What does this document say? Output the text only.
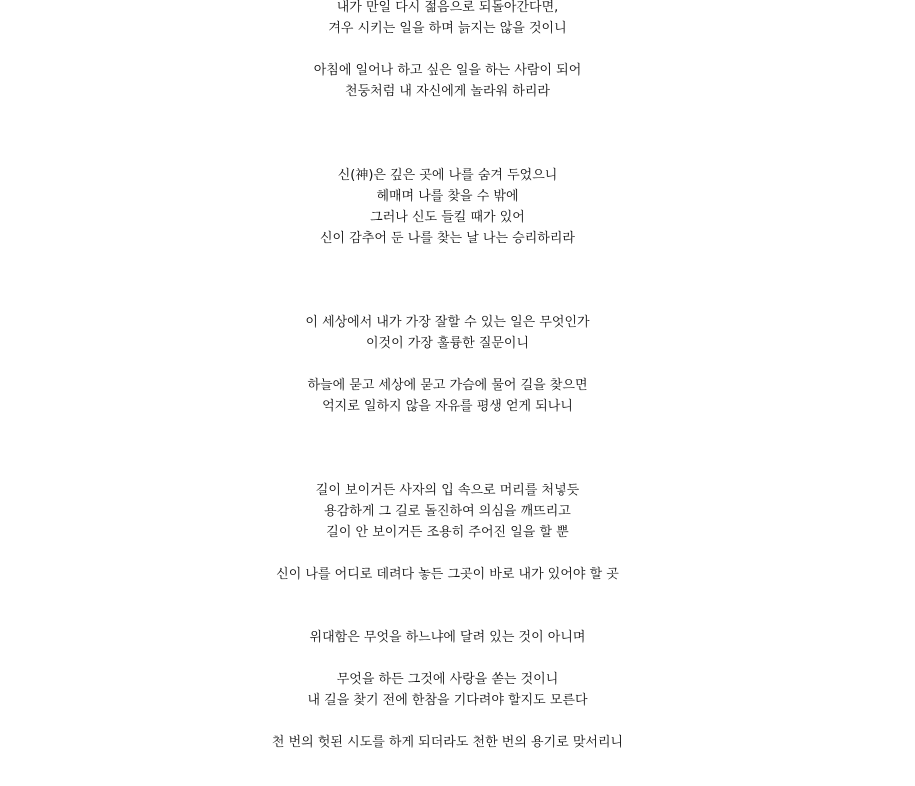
내가 만일 다시 젊음으로 되돌아간다면,
겨우 시키는 일을 하며 늙지는 않을 것이니
아침에 일어나 하고 싶은 일을 하는 사람이 되어
천둥처럼 내 자신에게 놀라워 하리라
신(神)은 깊은 곳에 나를 숨겨 두었으니
헤매며 나를 찾을 수 밖에
그러나 신도 들킬 때가 있어
신이 감추어 둔 나를 찾는 날 나는 승리하리라
이 세상에서 내가 가장 잘할 수 있는 일은 무엇인가
이것이 가장 훌륭한 질문이니
하늘에 묻고 세상에 묻고 가슴에 물어 길을 찾으면
억지로 일하지 않을 자유를 평생 얻게 되나니
길이 보이거든 사자의 입 속으로 머리를 처넣듯
용감하게 그 길로 돌진하여 의심을 깨뜨리고
길이 안 보이거든 조용히 주어진 일을 할 뿐
신이 나를 어디로 데려다 놓든 그곳이 바로 내가 있어야 할 곳
위대함은 무엇을 하느냐에 달려 있는 것이 아니며
무엇을 하든 그것에 사랑을 쏟는 것이니
내 길을 찾기 전에 한참을 기다려야 할지도 모른다
천 번의 헛된 시도를 하게 되더라도 천한 번의 용기로 맞서리니
